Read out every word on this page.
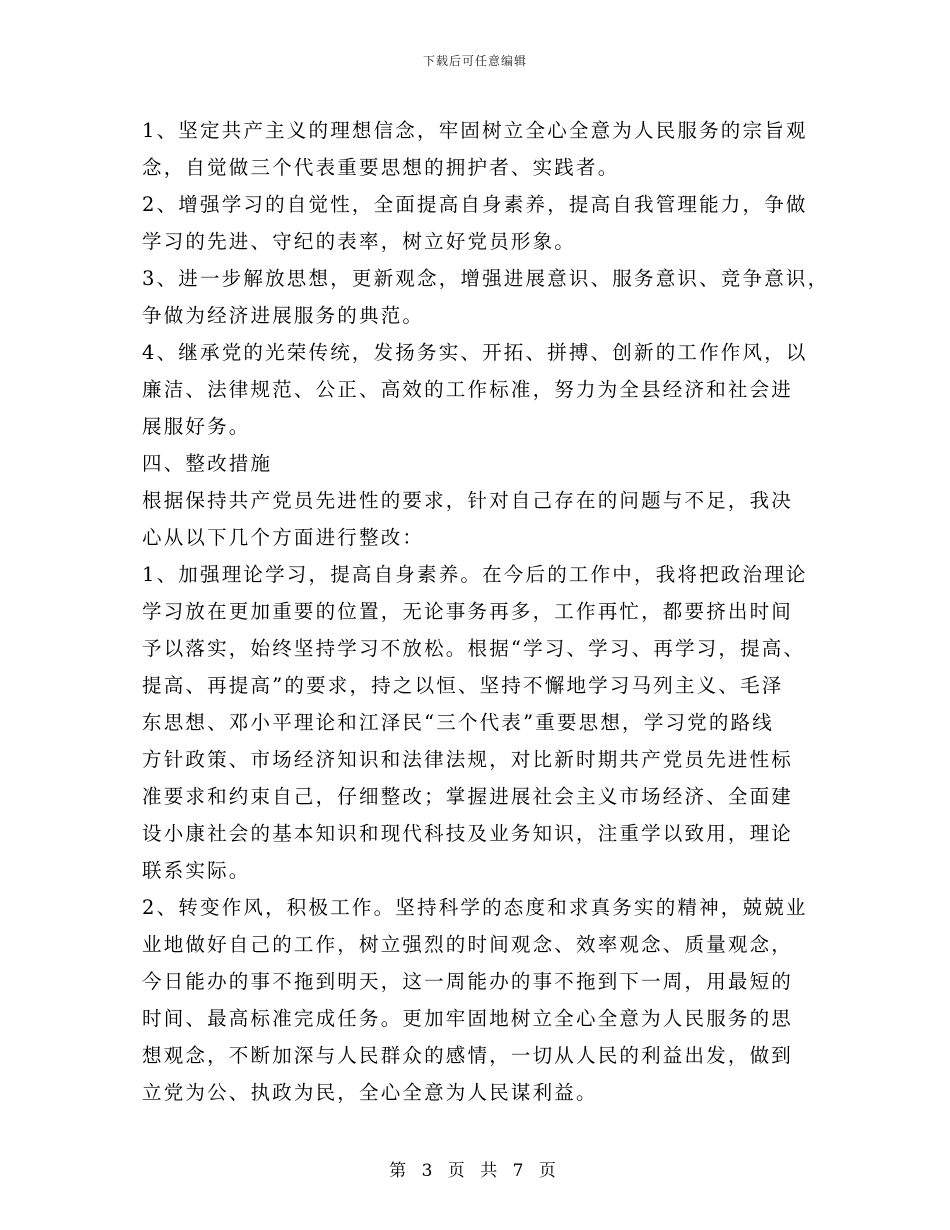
下载后可任意编辑
1、坚定共产主义的理想信念，牢固树立全心全意为人民服务的宗旨观
念，自觉做三个代表重要思想的拥护者、实践者。
2、增强学习的自觉性，全面提高自身素养，提高自我管理能力，争做
学习的先进、守纪的表率，树立好党员形象。
3、进一步解放思想，更新观念，增强进展意识、服务意识、竞争意识，
争做为经济进展服务的典范。
4、继承党的光荣传统，发扬务实、开拓、拼搏、创新的工作作风，以
廉洁、法律规范、公正、高效的工作标准，努力为全县经济和社会进
展服好务。
四、整改措施
根据保持共产党员先进性的要求，针对自己存在的问题与不足，我决
心从以下几个方面进行整改：
1、加强理论学习，提高自身素养。在今后的工作中，我将把政治理论
学习放在更加重要的位置，无论事务再多，工作再忙，都要挤出时间
予以落实，始终坚持学习不放松。根据“学习、学习、再学习，提高、
提高、再提高”的要求，持之以恒、坚持不懈地学习马列主义、毛泽
东思想、邓小平理论和江泽民“三个代表”重要思想，学习党的路线
方针政策、市场经济知识和法律法规，对比新时期共产党员先进性标
准要求和约束自己，仔细整改；掌握进展社会主义市场经济、全面建
设小康社会的基本知识和现代科技及业务知识，注重学以致用，理论
联系实际。
2、转变作风，积极工作。坚持科学的态度和求真务实的精神，兢兢业
业地做好自己的工作，树立强烈的时间观念、效率观念、质量观念，
今日能办的事不拖到明天，这一周能办的事不拖到下一周，用最短的
时间、最高标准完成任务。更加牢固地树立全心全意为人民服务的思
想观念，不断加深与人民群众的感情，一切从人民的利益出发，做到
立党为公、执政为民，全心全意为人民谋利益。
第 3 页 共 7 页
